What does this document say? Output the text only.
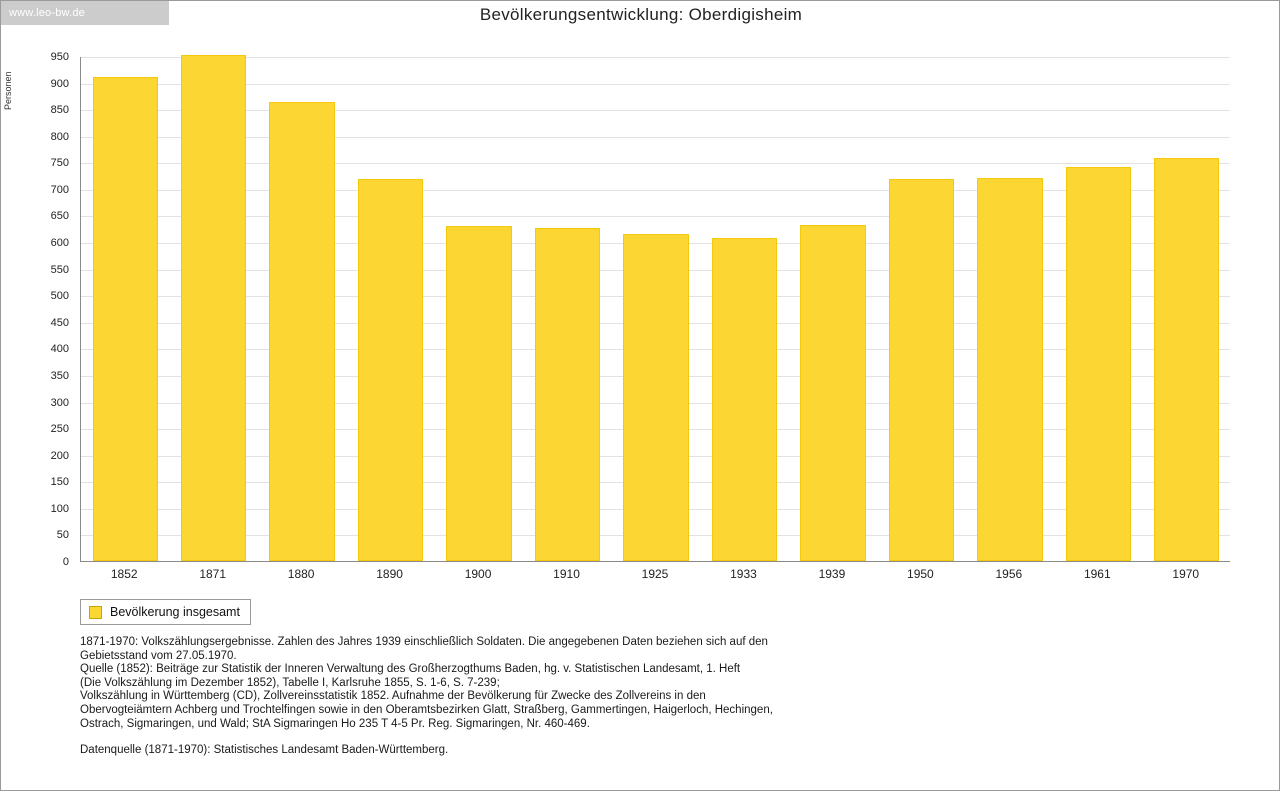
www.leo-bw.de	Bevölkerungsentwicklung: Oberdigisheim
Personen
0
50
100
150
200
250
300
350
400
450
500
550
600
650
700
750
800
850
900
950
1852	1871	1880	1890	1900	1910	1925	1933	1939	1950	1956	1961	1970
Bevölkerung insgesamt

1871-1970: Volkszählungsergebnisse. Zahlen des Jahres 1939 einschließlich Soldaten. Die angegebenen Daten beziehen sich auf den

Gebietsstand vom 27.05.1970.

Quelle (1852): Beiträge zur Statistik der Inneren Verwaltung des Großherzogthums Baden, hg. v. Statistischen Landesamt, 1. Heft

(Die Volkszählung im Dezember 1852), Tabelle I, Karlsruhe 1855, S. 1-6, S. 7-239;

Volkszählung in Württemberg (CD), Zollvereinsstatistik 1852. Aufnahme der Bevölkerung für Zwecke des Zollvereins in den

Obervogteiämtern Achberg und Trochtelfingen sowie in den Oberamtsbezirken Glatt, Straßberg, Gammertingen, Haigerloch, Hechingen,

Ostrach, Sigmaringen, und Wald; StA Sigmaringen Ho 235 T 4-5 Pr. Reg. Sigmaringen, Nr. 460-469.

Datenquelle (1871-1970): Statistisches Landesamt Baden-Württemberg.
